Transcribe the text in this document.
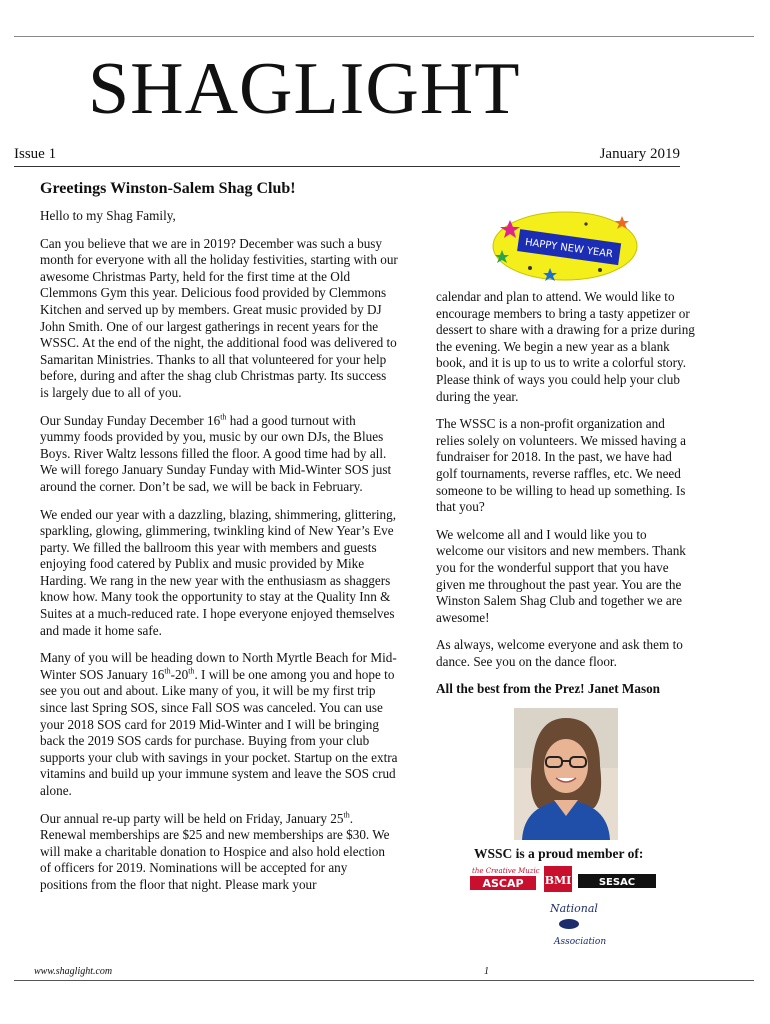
SHAGLIGHT
Issue 1	January 2019
Greetings Winston-Salem Shag Club!

Hello to my Shag Family,

Can you believe that we are in 2019? December was such a busy month for everyone with all the holiday festivities, starting with our awesome Christmas Party, held for the first time at the Old Clemmons Gym this year. Delicious food provided by Clemmons Kitchen and served up by members. Great music provided by DJ John Smith. One of our largest gatherings in recent years for the WSSC. At the end of the night, the additional food was delivered to Samaritan Ministries. Thanks to all that volunteered for your help before, during and after the shag club Christmas party. Its success is largely due to all of you.

Our Sunday Funday December 16th had a good turnout with yummy foods provided by you, music by our own DJs, the Blues Boys. River Waltz lessons filled the floor. A good time had by all. We will forego January Sunday Funday with Mid-Winter SOS just around the corner. Don’t be sad, we will be back in February.

We ended our year with a dazzling, blazing, shimmering, glittering, sparkling, glowing, glimmering, twinkling kind of New Year’s Eve party. We filled the ballroom this year with members and guests enjoying food catered by Publix and music provided by Mike Harding. We rang in the new year with the enthusiasm as shaggers know how. Many took the opportunity to stay at the Quality Inn & Suites at a much-reduced rate. I hope everyone enjoyed themselves and made it home safe.

Many of you will be heading down to North Myrtle Beach for Mid-Winter SOS January 16th-20th. I will be one among you and hope to see you out and about. Like many of you, it will be my first trip since last Spring SOS, since Fall SOS was canceled. You can use your 2018 SOS card for 2019 Mid-Winter and I will be bringing back the 2019 SOS cards for purchase. Buying from your club supports your club with savings in your pocket. Startup on the extra vitamins and build up your immune system and leave the SOS crud alone.

Our annual re-up party will be held on Friday, January 25th. Renewal memberships are $25 and new memberships are $30. We will make a charitable donation to Hospice and also hold election of officers for 2019. Nominations will be accepted for any positions from the floor that night. Please mark your

HAPPY NEW YEAR

calendar and plan to attend. We would like to encourage members to bring a tasty appetizer or dessert to share with a drawing for a prize during the evening. We begin a new year as a blank book, and it is up to us to write a colorful story. Please think of ways you could help your club during the year.

The WSSC is a non-profit organization and relies solely on volunteers. We missed having a fundraiser for 2018. In the past, we have had golf tournaments, reverse raffles, etc. We need someone to be willing to head up something. Is that you?

We welcome all and I would like you to welcome our visitors and new members. Thank you for the wonderful support that you have given me throughout the past year. You are the Winston Salem Shag Club and together we are awesome!

As always, welcome everyone and ask them to dance. See you on the dance floor.

All the best from the Prez! Janet Mason

WSSC is a proud member of:
the Creative Muzic
ASCAP BMI	SESAC
National
Association
www.shaglight.com	1
